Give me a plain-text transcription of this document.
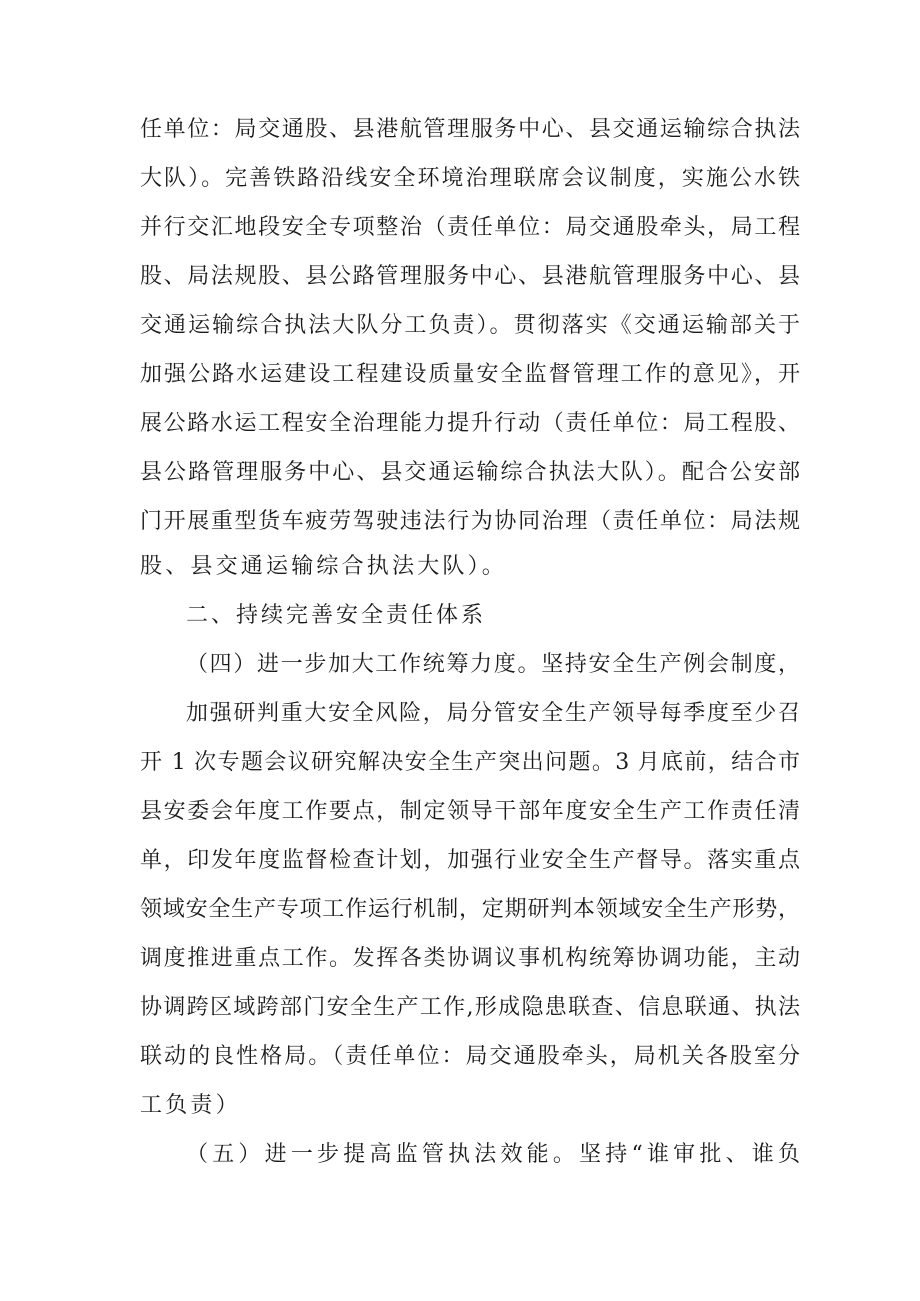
任单位：局交通股、县港航管理服务中心、县交通运输综合执法
大队）。完善铁路沿线安全环境治理联席会议制度，实施公水铁
并行交汇地段安全专项整治（责任单位：局交通股牵头，局工程
股、局法规股、县公路管理服务中心、县港航管理服务中心、县
交通运输综合执法大队分工负责）。贯彻落实《交通运输部关于
加强公路水运建设工程建设质量安全监督管理工作的意见》，开
展公路水运工程安全治理能力提升行动（责任单位：局工程股、
县公路管理服务中心、县交通运输综合执法大队）。配合公安部
门开展重型货车疲劳驾驶违法行为协同治理（责任单位：局法规
股、县交通运输综合执法大队）。
二、持续完善安全责任体系
（四）进一步加大工作统筹力度。坚持安全生产例会制度，
加强研判重大安全风险，局分管安全生产领导每季度至少召
开 1 次专题会议研究解决安全生产突出问题。3 月底前，结合市
县安委会年度工作要点，制定领导干部年度安全生产工作责任清
单，印发年度监督检查计划，加强行业安全生产督导。落实重点
领域安全生产专项工作运行机制，定期研判本领域安全生产形势，
调度推进重点工作。发挥各类协调议事机构统筹协调功能，主动
协调跨区域跨部门安全生产工作,形成隐患联查、信息联通、执法
联动的良性格局。（责任单位：局交通股牵头，局机关各股室分
工负责）
（五）进一步提高监管执法效能。坚持“谁审批、谁负
